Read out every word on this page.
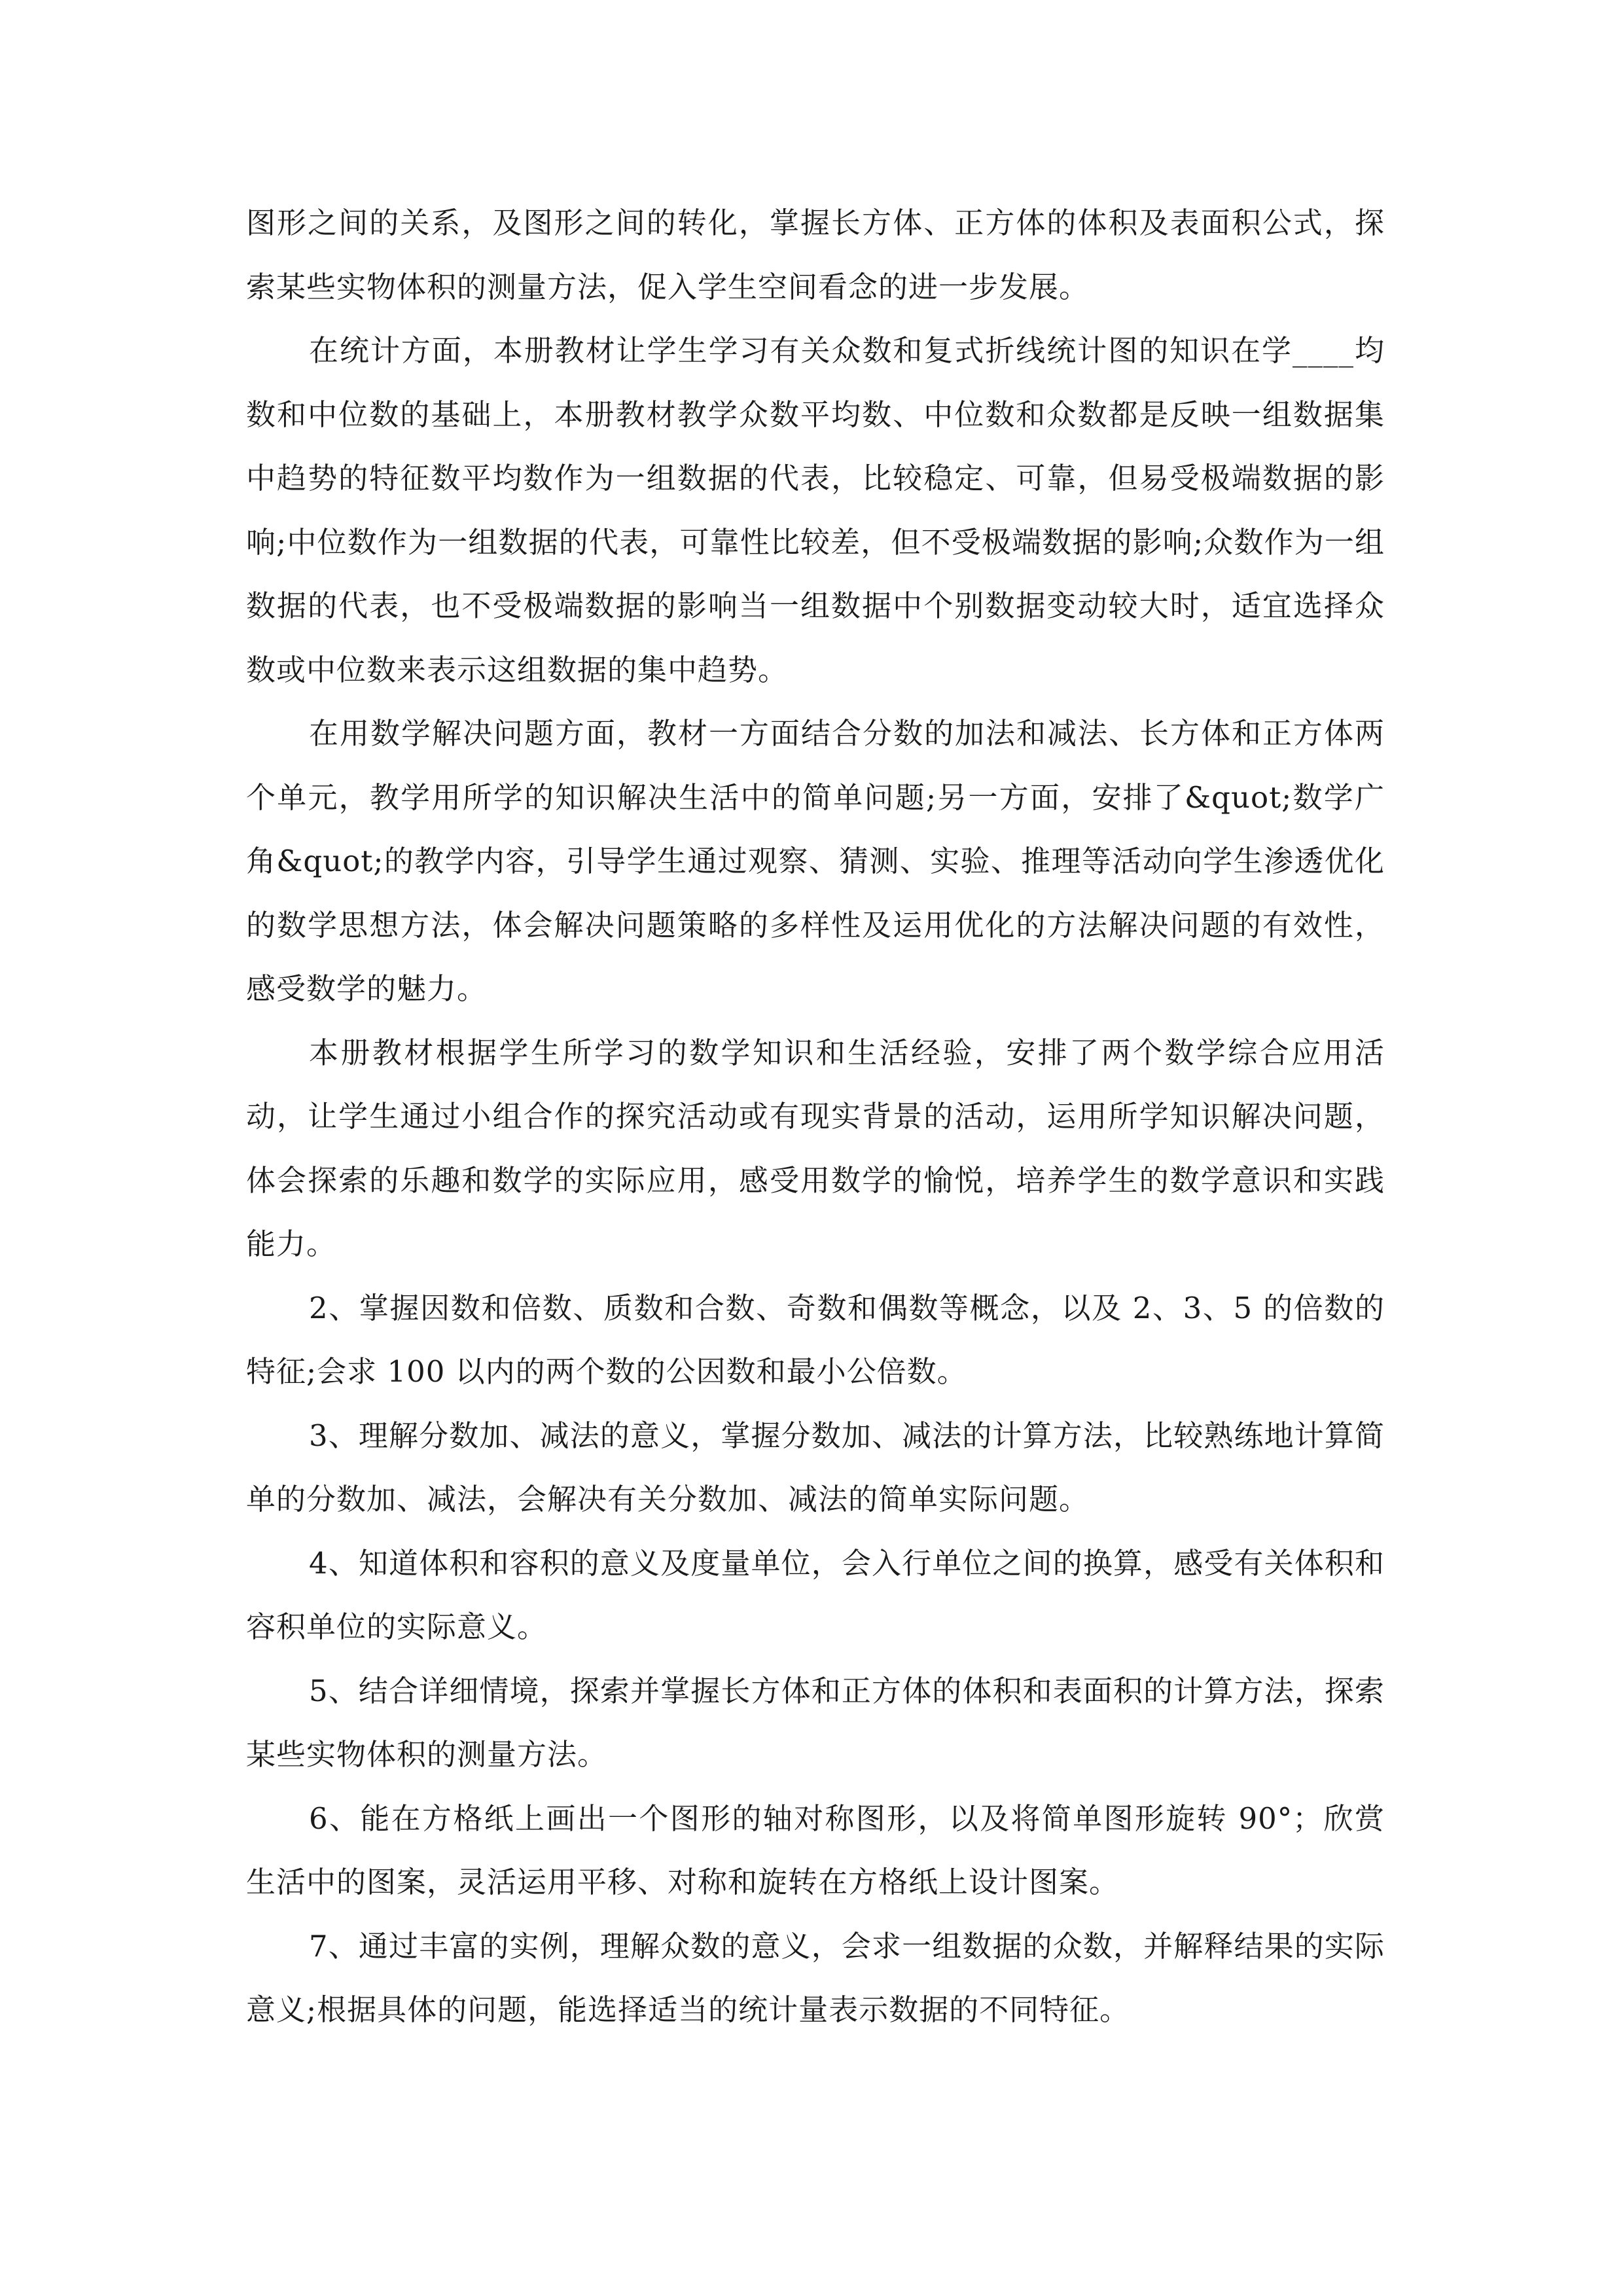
图形之间的关系，及图形之间的转化，掌握长方体、正方体的体积及表面积公式，探索某些实物体积的测量方法，促入学生空间看念的进一步发展。

在统计方面，本册教材让学生学习有关众数和复式折线统计图的知识在学____均数和中位数的基础上，本册教材教学众数平均数、中位数和众数都是反映一组数据集中趋势的特征数平均数作为一组数据的代表，比较稳定、可靠，但易受极端数据的影响;中位数作为一组数据的代表，可靠性比较差，但不受极端数据的影响;众数作为一组数据的代表，也不受极端数据的影响当一组数据中个别数据变动较大时，适宜选择众数或中位数来表示这组数据的集中趋势。

在用数学解决问题方面，教材一方面结合分数的加法和减法、长方体和正方体两个单元，教学用所学的知识解决生活中的简单问题;另一方面，安排了&quot;数学广角&quot;的教学内容，引导学生通过观察、猜测、实验、推理等活动向学生渗透优化的数学思想方法，体会解决问题策略的多样性及运用优化的方法解决问题的有效性，感受数学的魅力。

本册教材根据学生所学习的数学知识和生活经验，安排了两个数学综合应用活动，让学生通过小组合作的探究活动或有现实背景的活动，运用所学知识解决问题，体会探索的乐趣和数学的实际应用，感受用数学的愉悦，培养学生的数学意识和实践能力。

2、掌握因数和倍数、质数和合数、奇数和偶数等概念，以及 2、3、5 的倍数的特征;会求 100 以内的两个数的公因数和最小公倍数。

3、理解分数加、减法的意义，掌握分数加、减法的计算方法，比较熟练地计算简单的分数加、减法，会解决有关分数加、减法的简单实际问题。

4、知道体积和容积的意义及度量单位，会入行单位之间的换算，感受有关体积和容积单位的实际意义。

5、结合详细情境，探索并掌握长方体和正方体的体积和表面积的计算方法，探索某些实物体积的测量方法。

6、能在方格纸上画出一个图形的轴对称图形，以及将简单图形旋转 90°；欣赏生活中的图案，灵活运用平移、对称和旋转在方格纸上设计图案。

7、通过丰富的实例，理解众数的意义，会求一组数据的众数，并解释结果的实际意义;根据具体的问题，能选择适当的统计量表示数据的不同特征。
